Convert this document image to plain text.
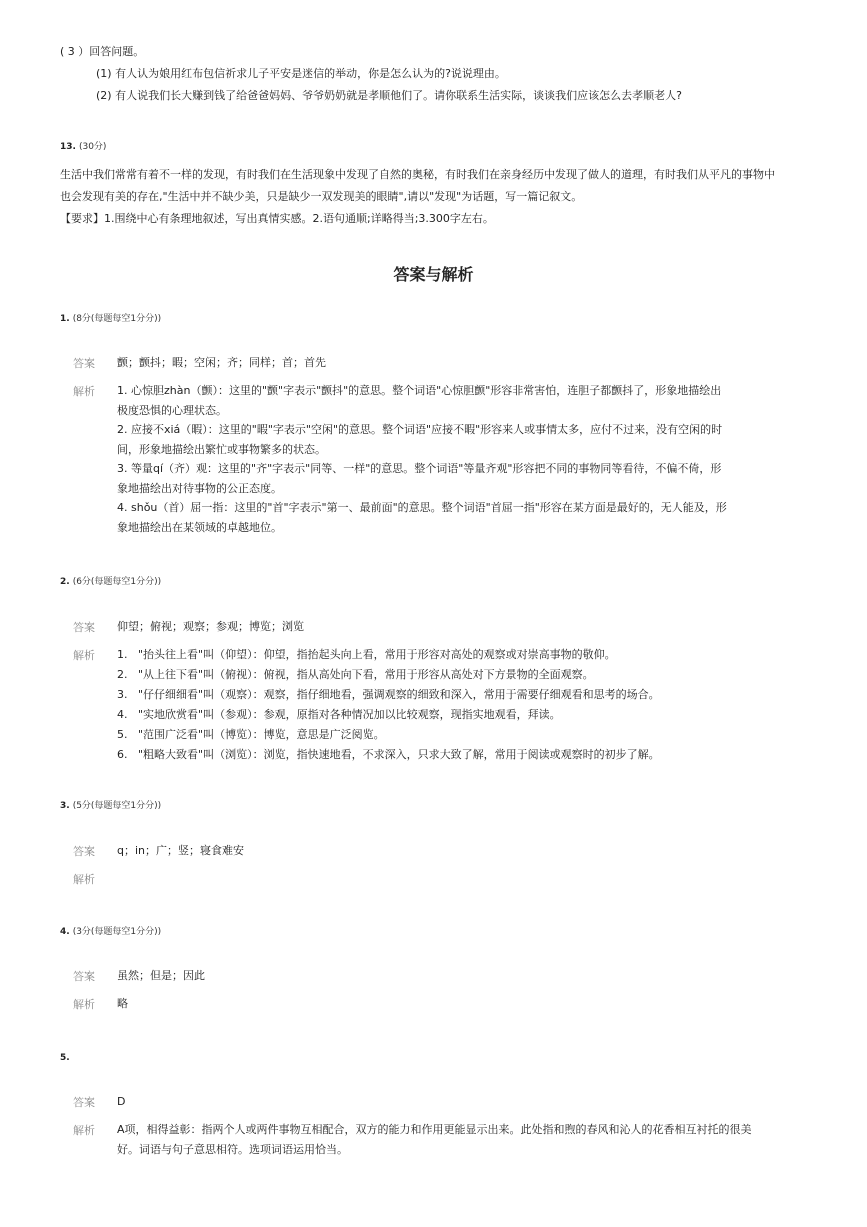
( 3 ）回答问题。
(1) 有人认为娘用红布包信祈求儿子平安是迷信的举动，你是怎么认为的?说说理由。
(2) 有人说我们长大赚到钱了给爸爸妈妈、爷爷奶奶就是孝顺他们了。请你联系生活实际，谈谈我们应该怎么去孝顺老人?
13. (30分)
生活中我们常常有着不一样的发现，有时我们在生活现象中发现了自然的奥秘，有时我们在亲身经历中发现了做人的道理，有时我们从平凡的事物中
也会发现有美的存在,"生活中并不缺少美，只是缺少一双发现美的眼睛",请以"发现"为话题，写一篇记叙文。
【要求】1.围绕中心有条理地叙述，写出真情实感。2.语句通顺;详略得当;3.300字左右。
答案与解析
1. (8分(每题每空1分分))
答案 颤；颤抖；暇；空闲；齐；同样；首；首先
解析 1. 心惊胆zhàn（颤）：这里的"颤"字表示"颤抖"的意思。整个词语"心惊胆颤"形容非常害怕，连胆子都颤抖了，形象地描绘出
极度恐惧的心理状态。
2. 应接不xiá（暇）：这里的"暇"字表示"空闲"的意思。整个词语"应接不暇"形容来人或事情太多，应付不过来，没有空闲的时
间，形象地描绘出繁忙或事物繁多的状态。
3. 等量qí（齐）观：这里的"齐"字表示"同等、一样"的意思。整个词语"等量齐观"形容把不同的事物同等看待，不偏不倚，形
象地描绘出对待事物的公正态度。
4. shǒu（首）屈一指：这里的"首"字表示"第一、最前面"的意思。整个词语"首屈一指"形容在某方面是最好的，无人能及，形
象地描绘出在某领域的卓越地位。
2. (6分(每题每空1分分))
答案 仰望；俯视；观察；参观；博览；浏览
解析 1. "抬头往上看"叫（仰望）：仰望，指抬起头向上看，常用于形容对高处的观察或对崇高事物的敬仰。
2. "从上往下看"叫（俯视）：俯视，指从高处向下看，常用于形容从高处对下方景物的全面观察。
3. "仔仔细细看"叫（观察）：观察，指仔细地看，强调观察的细致和深入，常用于需要仔细观看和思考的场合。
4. "实地欣赏看"叫（参观）：参观，原指对各种情况加以比较观察，现指实地观看，拜读。
5. "范围广泛看"叫（博览）：博览，意思是广泛阅览。
6. "粗略大致看"叫（浏览）：浏览，指快速地看，不求深入，只求大致了解，常用于阅读或观察时的初步了解。
3. (5分(每题每空1分分))
答案 q；in；广；竖；寝食难安
解析
4. (3分(每题每空1分分))
答案 虽然；但是；因此
解析 略
5.
答案 D
解析 A项，相得益彰：指两个人或两件事物互相配合，双方的能力和作用更能显示出来。此处指和煦的春风和沁人的花香相互衬托的很美
好。词语与句子意思相符。选项词语运用恰当。
